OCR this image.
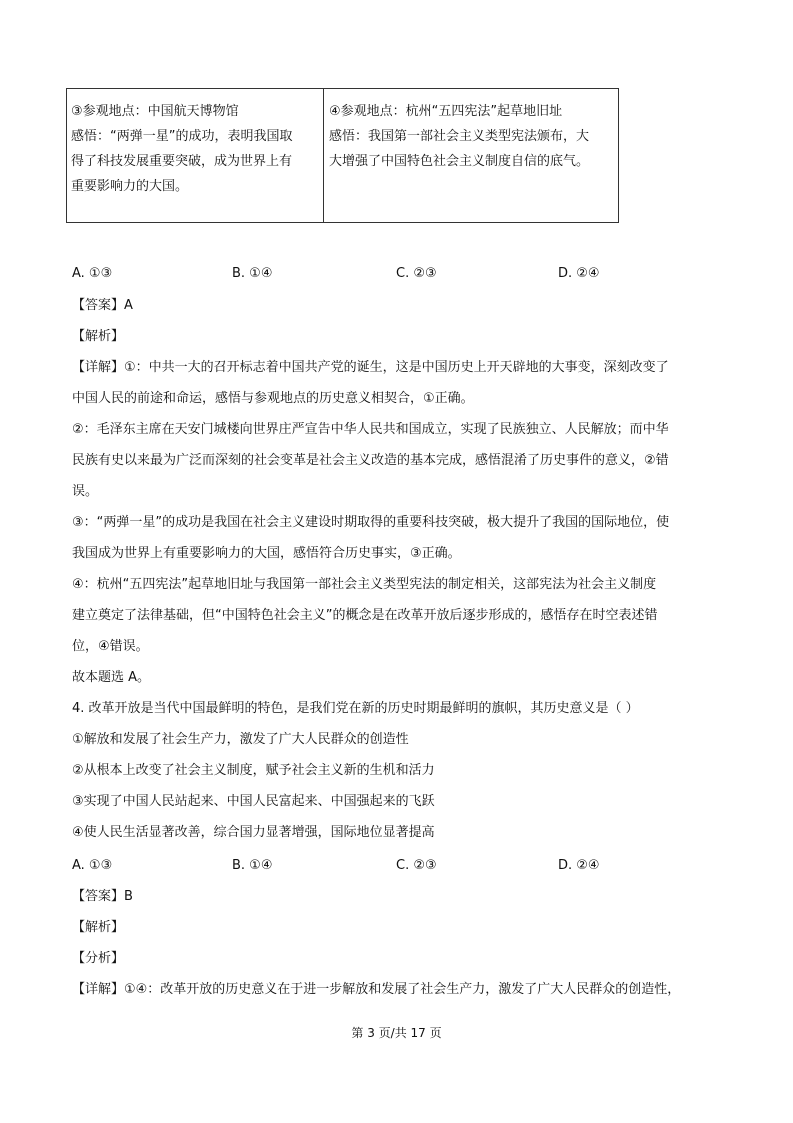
③参观地点：中国航天博物馆
感悟：“两弹一星”的成功，表明我国取
得了科技发展重要突破，成为世界上有
重要影响力的大国。
④参观地点：杭州“五四宪法”起草地旧址
感悟：我国第一部社会主义类型宪法颁布，大
大增强了中国特色社会主义制度自信的底气。
A. ①③	B. ①④	C. ②③	D. ②④
【答案】A
【解析】
【详解】①：中共一大的召开标志着中国共产党的诞生，这是中国历史上开天辟地的大事变，深刻改变了
中国人民的前途和命运，感悟与参观地点的历史意义相契合，①正确。
②：毛泽东主席在天安门城楼向世界庄严宣告中华人民共和国成立，实现了民族独立、人民解放；而中华
民族有史以来最为广泛而深刻的社会变革是社会主义改造的基本完成，感悟混淆了历史事件的意义，②错
误。
③：“两弹一星”的成功是我国在社会主义建设时期取得的重要科技突破，极大提升了我国的国际地位，使
我国成为世界上有重要影响力的大国，感悟符合历史事实，③正确。
④：杭州“五四宪法”起草地旧址与我国第一部社会主义类型宪法的制定相关，这部宪法为社会主义制度
建立奠定了法律基础，但“中国特色社会主义”的概念是在改革开放后逐步形成的，感悟存在时空表述错
位，④错误。
故本题选 A。
4. 改革开放是当代中国最鲜明的特色，是我们党在新的历史时期最鲜明的旗帜，其历史意义是（ ）
①解放和发展了社会生产力，激发了广大人民群众的创造性
②从根本上改变了社会主义制度，赋予社会主义新的生机和活力
③实现了中国人民站起来、中国人民富起来、中国强起来的飞跃
④使人民生活显著改善，综合国力显著增强，国际地位显著提高
A. ①③	B. ①④	C. ②③	D. ②④
【答案】B
【解析】
【分析】
【详解】①④：改革开放的历史意义在于进一步解放和发展了社会生产力，激发了广大人民群众的创造性，
第 3 页/共 17 页
